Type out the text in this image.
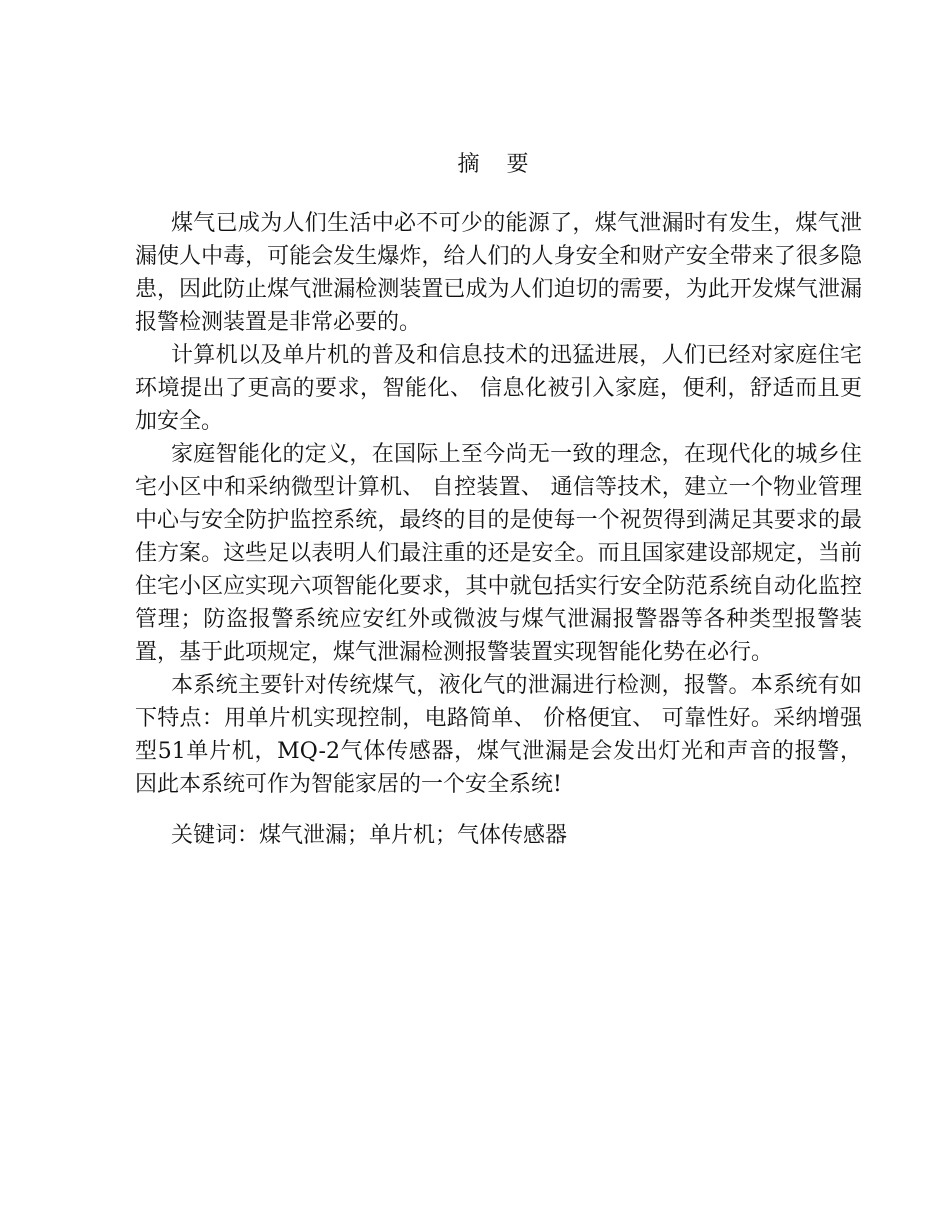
摘 要

煤气已成为人们生活中必不可少的能源了，煤气泄漏时有发生，煤气泄漏使人中毒，可能会发生爆炸，给人们的人身安全和财产安全带来了很多隐患，因此防止煤气泄漏检测装置已成为人们迫切的需要，为此开发煤气泄漏报警检测装置是非常必要的。

计算机以及单片机的普及和信息技术的迅猛进展，人们已经对家庭住宅环境提出了更高的要求，智能化、 信息化被引入家庭，便利，舒适而且更加安全。

家庭智能化的定义，在国际上至今尚无一致的理念，在现代化的城乡住宅小区中和采纳微型计算机、 自控装置、 通信等技术，建立一个物业管理中心与安全防护监控系统，最终的目的是使每一个祝贺得到满足其要求的最佳方案。这些足以表明人们最注重的还是安全。而且国家建设部规定，当前住宅小区应实现六项智能化要求，其中就包括实行安全防范系统自动化监控管理；防盗报警系统应安红外或微波与煤气泄漏报警器等各种类型报警装置，基于此项规定，煤气泄漏检测报警装置实现智能化势在必行。

本系统主要针对传统煤气，液化气的泄漏进行检测，报警。本系统有如下特点：用单片机实现控制，电路简单、 价格便宜、 可靠性好。采纳增强型51单片机，MQ-2气体传感器，煤气泄漏是会发出灯光和声音的报警，因此本系统可作为智能家居的一个安全系统!

关键词：煤气泄漏；单片机；气体传感器
